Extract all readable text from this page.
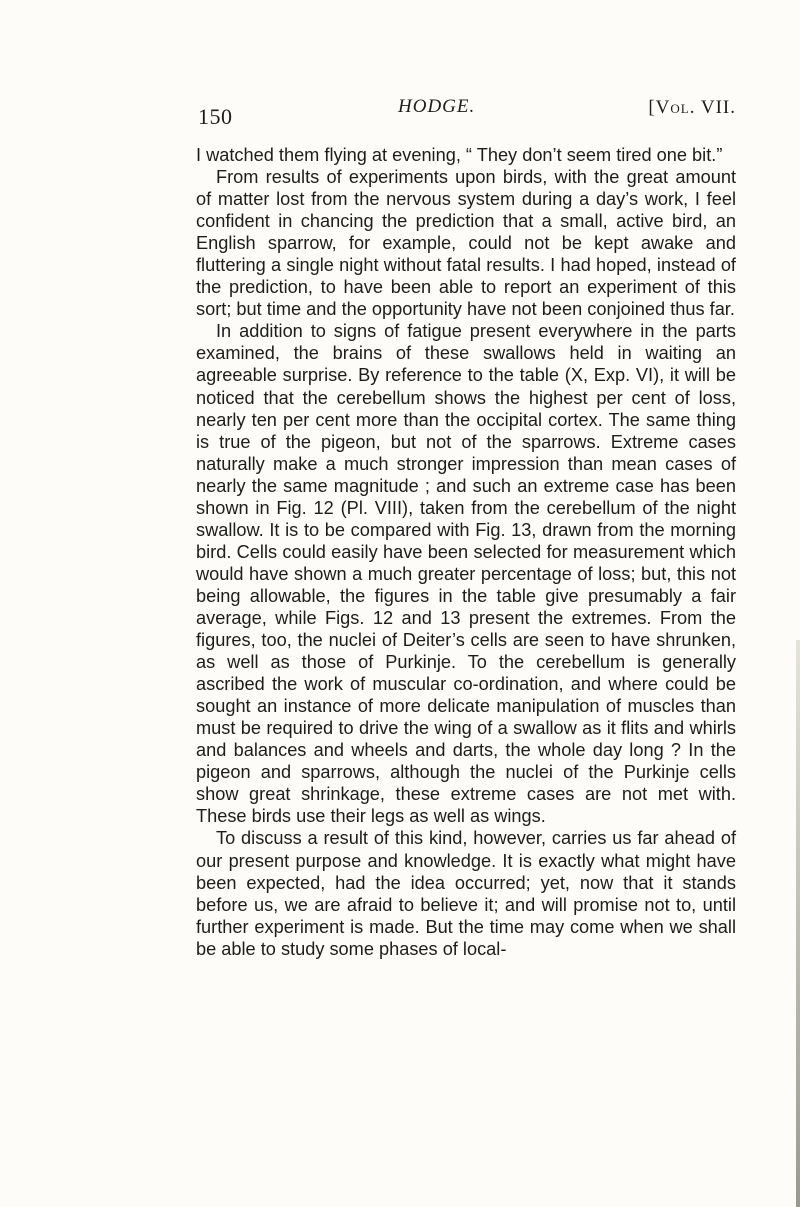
150	HODGE.	[Vol. VII.

I watched them flying at evening, “ They don’t seem tired one bit.”

From results of experiments upon birds, with the great amount of matter lost from the nervous system during a day’s work, I feel confident in chancing the prediction that a small, active bird, an English sparrow, for example, could not be kept awake and fluttering a single night without fatal results. I had hoped, instead of the prediction, to have been able to report an experiment of this sort; but time and the opportunity have not been conjoined thus far.

In addition to signs of fatigue present everywhere in the parts examined, the brains of these swallows held in waiting an agreeable surprise. By reference to the table (X, Exp. VI), it will be noticed that the cerebellum shows the highest per cent of loss, nearly ten per cent more than the occipital cortex. The same thing is true of the pigeon, but not of the sparrows. Extreme cases naturally make a much stronger impression than mean cases of nearly the same magnitude ; and such an extreme case has been shown in Fig. 12 (Pl. VIII), taken from the cerebellum of the night swallow. It is to be compared with Fig. 13, drawn from the morning bird. Cells could easily have been selected for measurement which would have shown a much greater percentage of loss; but, this not being allowable, the figures in the table give presumably a fair average, while Figs. 12 and 13 present the extremes. From the figures, too, the nuclei of Deiter’s cells are seen to have shrunken, as well as those of Purkinje. To the cerebellum is generally ascribed the work of muscular co-ordination, and where could be sought an instance of more delicate manipulation of muscles than must be required to drive the wing of a swallow as it flits and whirls and balances and wheels and darts, the whole day long ? In the pigeon and sparrows, although the nuclei of the Purkinje cells show great shrinkage, these extreme cases are not met with. These birds use their legs as well as wings.

To discuss a result of this kind, however, carries us far ahead of our present purpose and knowledge. It is exactly what might have been expected, had the idea occurred; yet, now that it stands before us, we are afraid to believe it; and will promise not to, until further experiment is made. But the time may come when we shall be able to study some phases of local-
